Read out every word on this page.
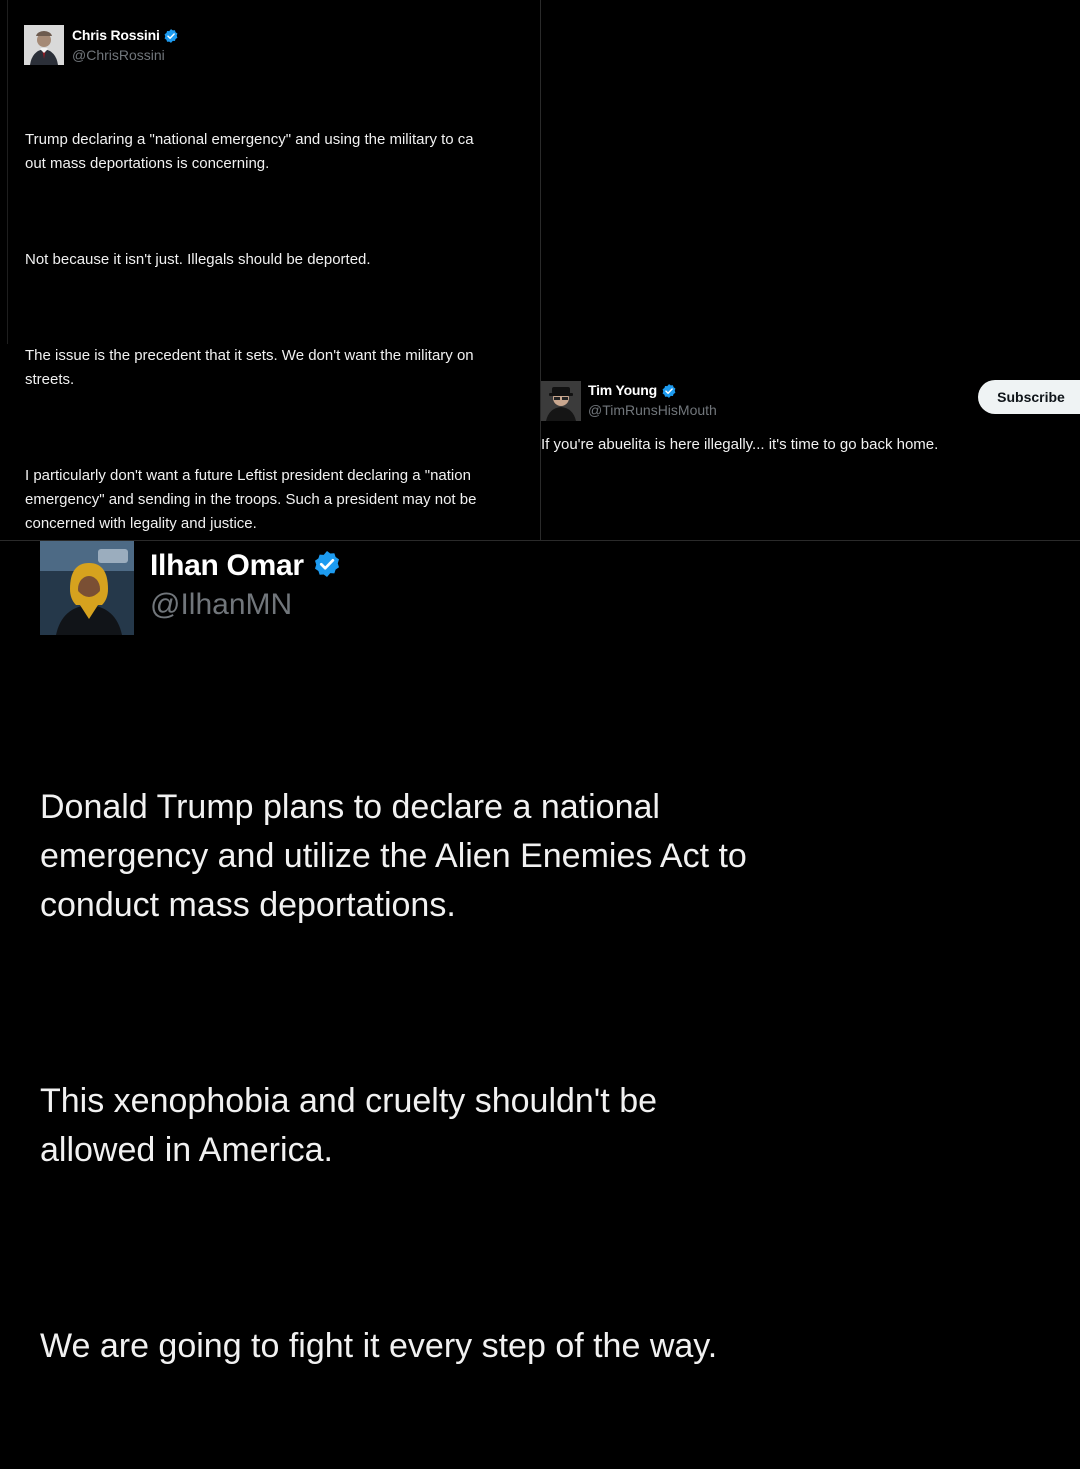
Chris Rossini
@ChrisRossini

Trump declaring a "national emergency" and using the military to ca
out mass deportations is concerning.

Not because it isn't just. Illegals should be deported.

The issue is the precedent that it sets. We don't want the military on
streets.

I particularly don't want a future Leftist president declaring a "nation
emergency" and sending in the troops. Such a president may not be
concerned with legality and justice.

Tim Young
@TimRunsHisMouth
Subscribe
If you're abuelita is here illegally... it's time to go back home.
Ilhan Omar
@IlhanMN

Donald Trump plans to declare a national
emergency and utilize the Alien Enemies Act to
conduct mass deportations.

This xenophobia and cruelty shouldn't be
allowed in America.

We are going to fight it every step of the way.
